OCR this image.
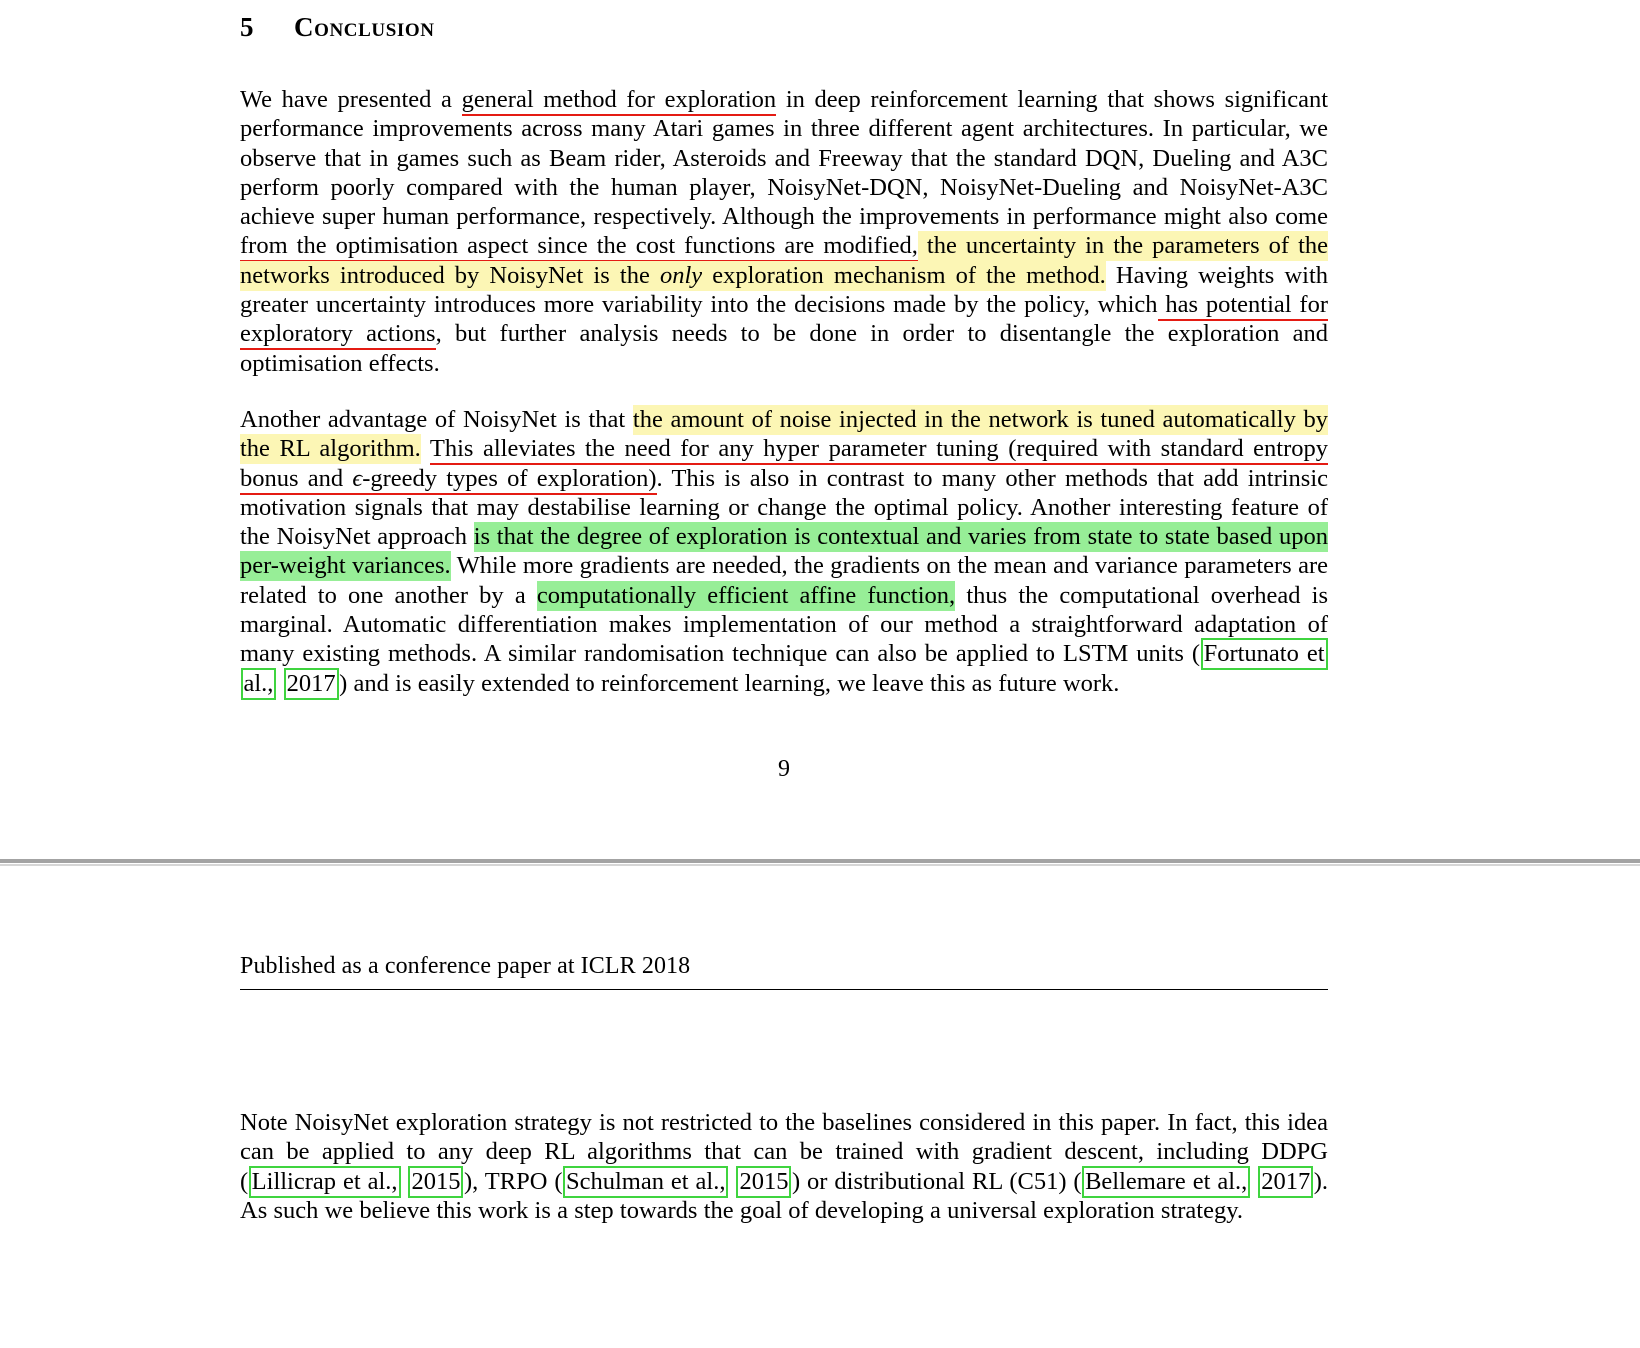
5	Conclusion

We have presented a general method for exploration in deep reinforcement learning that shows significant performance improvements across many Atari games in three different agent architectures. In particular, we observe that in games such as Beam rider, Asteroids and Freeway that the standard DQN, Dueling and A3C perform poorly compared with the human player, NoisyNet-DQN, NoisyNet-Dueling and NoisyNet-A3C achieve super human performance, respectively. Although the improvements in performance might also come from the optimisation aspect since the cost functions are modified, the uncertainty in the parameters of the networks introduced by NoisyNet is the only exploration mechanism of the method. Having weights with greater uncertainty introduces more variability into the decisions made by the policy, which has potential for exploratory actions, but further analysis needs to be done in order to disentangle the exploration and optimisation effects.

Another advantage of NoisyNet is that the amount of noise injected in the network is tuned automatically by the RL algorithm. This alleviates the need for any hyper parameter tuning (required with standard entropy bonus and ϵ-greedy types of exploration). This is also in contrast to many other methods that add intrinsic motivation signals that may destabilise learning or change the optimal policy. Another interesting feature of the NoisyNet approach is that the degree of exploration is contextual and varies from state to state based upon per-weight variances. While more gradients are needed, the gradients on the mean and variance parameters are related to one another by a computationally efficient affine function, thus the computational overhead is marginal. Automatic differentiation makes implementation of our method a straightforward adaptation of many existing methods. A similar randomisation technique can also be applied to LSTM units ( Fortunato et al., 2017 ) and is easily extended to reinforcement learning, we leave this as future work.

9
Published as a conference paper at ICLR 2018

Note NoisyNet exploration strategy is not restricted to the baselines considered in this paper. In fact, this idea can be applied to any deep RL algorithms that can be trained with gradient descent, including DDPG ( Lillicrap et al., 2015 ), TRPO ( Schulman et al., 2015 ) or distributional RL (C51) ( Bellemare et al., 2017 ). As such we believe this work is a step towards the goal of developing a universal exploration strategy.
